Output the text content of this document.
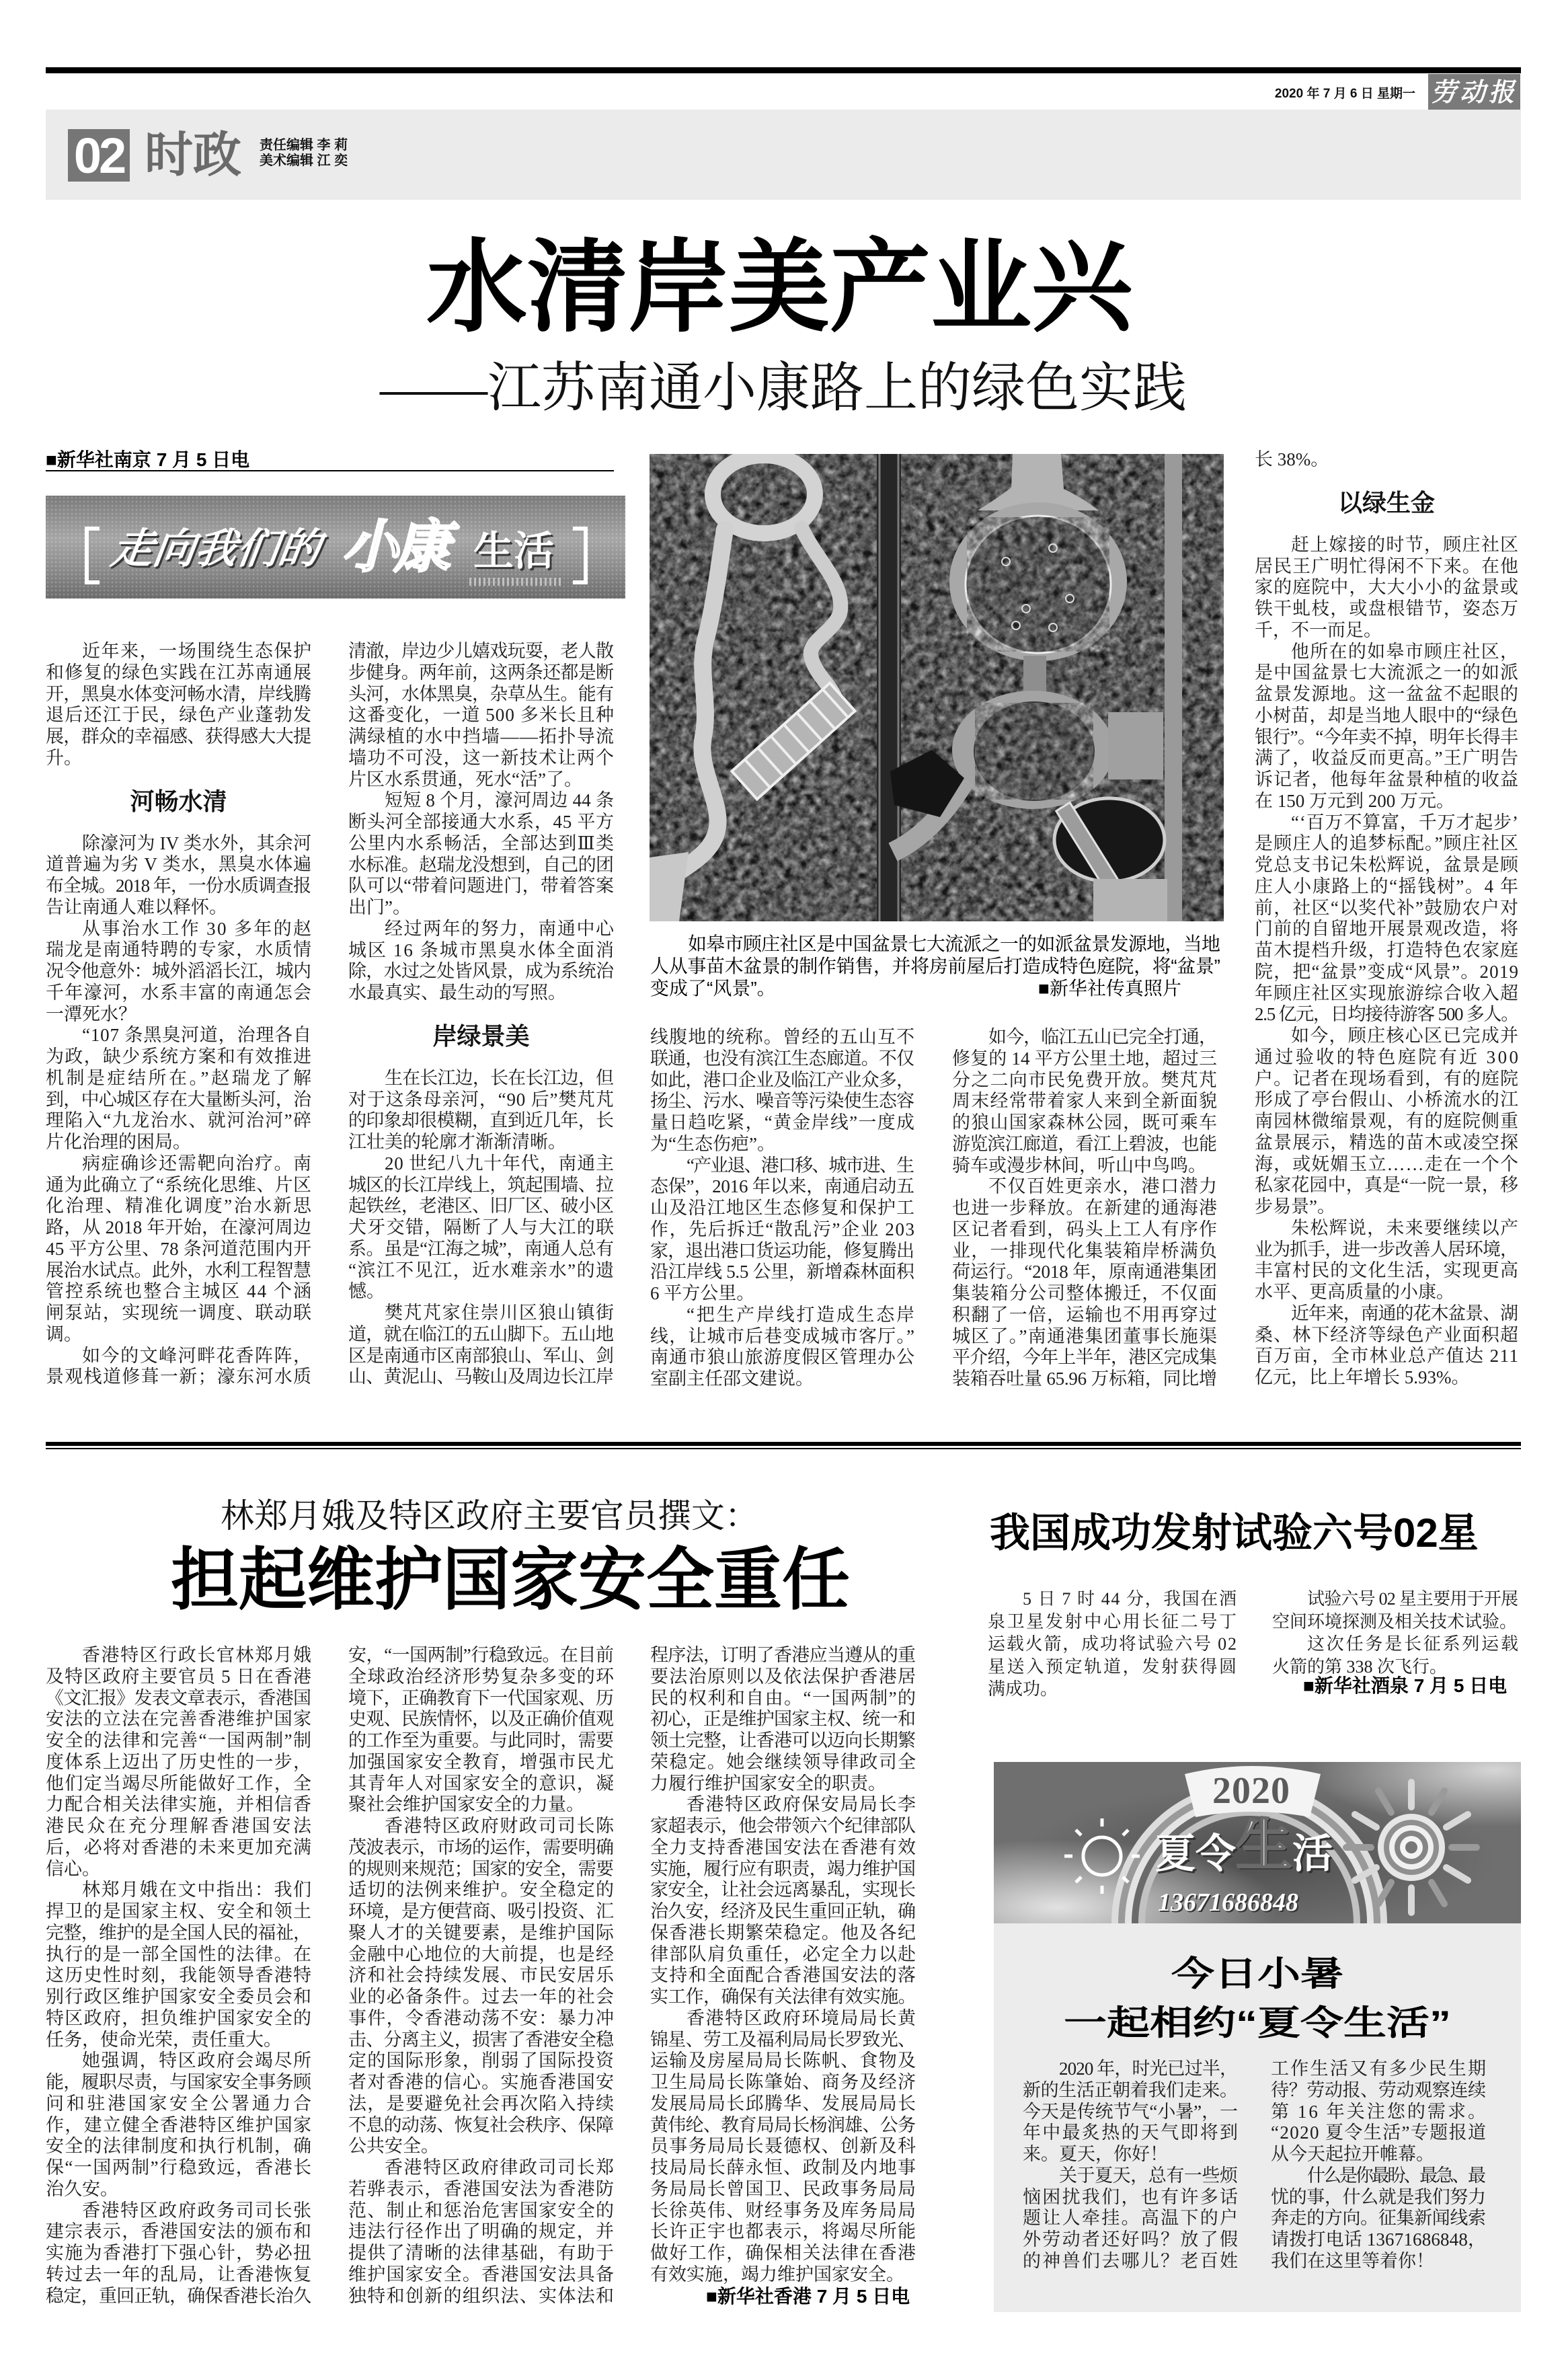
2020 年 7 月 6 日 星期一 劳动报
02 时政 责任编辑 李 莉
美术编辑 江 奕
水清岸美产业兴
——江苏南通小康路上的绿色实践
■新华社南京 7 月 5 日电
走向我们的 小康 生活
如皋市顾庄社区是中国盆景七大流派之一的如派盆景发源地，当地
人从事苗木盆景的制作销售，并将房前屋后打造成特色庭院，将“盆景”
变成了“风景”。	■新华社传真照片
近年来，一场围绕生态保护
和修复的绿色实践在江苏南通展
开，黑臭水体变河畅水清，岸线腾
退后还江于民，绿色产业蓬勃发
展，群众的幸福感、获得感大大提
升。
河畅水清
除濠河为 IV 类水外，其余河
道普遍为劣 V 类水，黑臭水体遍
布全城。2018 年，一份水质调查报
告让南通人难以释怀。
从事治水工作 30 多年的赵
瑞龙是南通特聘的专家，水质情
况令他意外：城外滔滔长江，城内
千年濠河，水系丰富的南通怎会
一潭死水？
“107 条黑臭河道，治理各自
为政，缺少系统方案和有效推进
机制是症结所在。”赵瑞龙了解
到，中心城区存在大量断头河，治
理陷入“九龙治水、就河治河”碎
片化治理的困局。
病症确诊还需靶向治疗。南
通为此确立了“系统化思维、片区
化治理、精准化调度”治水新思
路，从 2018 年开始，在濠河周边
45 平方公里、78 条河道范围内开
展治水试点。此外，水利工程智慧
管控系统也整合主城区 44 个涵
闸泵站，实现统一调度、联动联
调。
如今的文峰河畔花香阵阵，
景观栈道修葺一新；濠东河水质
清澈，岸边少儿嬉戏玩耍，老人散
步健身。两年前，这两条还都是断
头河，水体黑臭，杂草丛生。能有
这番变化，一道 500 多米长且种
满绿植的水中挡墙——拓扑导流
墙功不可没，这一新技术让两个
片区水系贯通，死水“活”了。
短短 8 个月，濠河周边 44 条
断头河全部接通大水系，45 平方
公里内水系畅活，全部达到Ⅲ类
水标准。赵瑞龙没想到，自己的团
队可以“带着问题进门，带着答案
出门”。
经过两年的努力，南通中心
城区 16 条城市黑臭水体全面消
除，水过之处皆风景，成为系统治
水最真实、最生动的写照。
岸绿景美
生在长江边，长在长江边，但
对于这条母亲河，“90 后”樊芃芃
的印象却很模糊，直到近几年，长
江壮美的轮廓才渐渐清晰。
20 世纪八九十年代，南通主
城区的长江岸线上，筑起围墙、拉
起铁丝，老港区、旧厂区、破小区
犬牙交错，隔断了人与大江的联
系。虽是“江海之城”，南通人总有
“滨江不见江，近水难亲水”的遗
憾。
樊芃芃家住崇川区狼山镇街
道，就在临江的五山脚下。五山地
区是南通市区南部狼山、军山、剑
山、黄泥山、马鞍山及周边长江岸
线腹地的统称。曾经的五山互不
联通，也没有滨江生态廊道。不仅
如此，港口企业及临江产业众多，
扬尘、污水、噪音等污染使生态容
量日趋吃紧，“黄金岸线”一度成
为“生态伤疤”。
“产业退、港口移、城市进、生
态保”，2016 年以来，南通启动五
山及沿江地区生态修复和保护工
作，先后拆迁“散乱污”企业 203
家，退出港口货运功能，修复腾出
沿江岸线 5.5 公里，新增森林面积
6 平方公里。
“把生产岸线打造成生态岸
线，让城市后巷变成城市客厅。”
南通市狼山旅游度假区管理办公
室副主任邵文建说。
如今，临江五山已完全打通，
修复的 14 平方公里土地，超过三
分之二向市民免费开放。樊芃芃
周末经常带着家人来到全新面貌
的狼山国家森林公园，既可乘车
游览滨江廊道，看江上碧波，也能
骑车或漫步林间，听山中鸟鸣。
不仅百姓更亲水，港口潜力
也进一步释放。在新建的通海港
区记者看到，码头上工人有序作
业，一排现代化集装箱岸桥满负
荷运行。“2018 年，原南通港集团
集装箱分公司整体搬迁，不仅面
积翻了一倍，运输也不用再穿过
城区了。”南通港集团董事长施渠
平介绍，今年上半年，港区完成集
装箱吞吐量 65.96 万标箱，同比增
长 38%。
以绿生金
赶上嫁接的时节，顾庄社区
居民王广明忙得闲不下来。在他
家的庭院中，大大小小的盆景或
铁干虬枝，或盘根错节，姿态万
千，不一而足。
他所在的如皋市顾庄社区，
是中国盆景七大流派之一的如派
盆景发源地。这一盆盆不起眼的
小树苗，却是当地人眼中的“绿色
银行”。“今年卖不掉，明年长得丰
满了，收益反而更高。”王广明告
诉记者，他每年盆景种植的收益
在 150 万元到 200 万元。
“‘百万不算富，千万才起步’
是顾庄人的追梦标配。”顾庄社区
党总支书记朱松辉说，盆景是顾
庄人小康路上的“摇钱树”。4 年
前，社区“以奖代补”鼓励农户对
门前的自留地开展景观改造，将
苗木提档升级，打造特色农家庭
院，把“盆景”变成“风景”。2019
年顾庄社区实现旅游综合收入超
2.5 亿元，日均接待游客 500 多人。
如今，顾庄核心区已完成并
通过验收的特色庭院有近 300
户。记者在现场看到，有的庭院
形成了亭台假山、小桥流水的江
南园林微缩景观，有的庭院侧重
盆景展示，精选的苗木或凌空探
海，或妩媚玉立……走在一个个
私家花园中，真是“一院一景，移
步易景”。
朱松辉说，未来要继续以产
业为抓手，进一步改善人居环境，
丰富村民的文化生活，实现更高
水平、更高质量的小康。
近年来，南通的花木盆景、湖
桑、林下经济等绿色产业面积超
百万亩，全市林业总产值达 211
亿元，比上年增长 5.93%。
林郑月娥及特区政府主要官员撰文：
担起维护国家安全重任
香港特区行政长官林郑月娥
及特区政府主要官员 5 日在香港
《文汇报》发表文章表示，香港国
安法的立法在完善香港维护国家
安全的法律和完善“一国两制”制
度体系上迈出了历史性的一步，
他们定当竭尽所能做好工作，全
力配合相关法律实施，并相信香
港民众在充分理解香港国安法
后，必将对香港的未来更加充满
信心。
林郑月娥在文中指出：我们
捍卫的是国家主权、安全和领土
完整，维护的是全国人民的福祉，
执行的是一部全国性的法律。在
这历史性时刻，我能领导香港特
别行政区维护国家安全委员会和
特区政府，担负维护国家安全的
任务，使命光荣，责任重大。
她强调，特区政府会竭尽所
能，履职尽责，与国家安全事务顾
问和驻港国家安全公署通力合
作，建立健全香港特区维护国家
安全的法律制度和执行机制，确
保“一国两制”行稳致远，香港长
治久安。
香港特区政府政务司司长张
建宗表示，香港国安法的颁布和
实施为香港打下强心针，势必扭
转过去一年的乱局，让香港恢复
稳定，重回正轨，确保香港长治久
安，“一国两制”行稳致远。在目前
全球政治经济形势复杂多变的环
境下，正确教育下一代国家观、历
史观、民族情怀，以及正确价值观
的工作至为重要。与此同时，需要
加强国家安全教育，增强市民尤
其青年人对国家安全的意识，凝
聚社会维护国家安全的力量。
香港特区政府财政司司长陈
茂波表示，市场的运作，需要明确
的规则来规范；国家的安全，需要
适切的法例来维护。安全稳定的
环境，是方便营商、吸引投资、汇
聚人才的关键要素，是维护国际
金融中心地位的大前提，也是经
济和社会持续发展、市民安居乐
业的必备条件。过去一年的社会
事件，令香港动荡不安：暴力冲
击、分离主义，损害了香港安全稳
定的国际形象，削弱了国际投资
者对香港的信心。实施香港国安
法，是要避免社会再次陷入持续
不息的动荡、恢复社会秩序、保障
公共安全。
香港特区政府律政司司长郑
若骅表示，香港国安法为香港防
范、制止和惩治危害国家安全的
违法行径作出了明确的规定，并
提供了清晰的法律基础，有助于
维护国家安全。香港国安法具备
独特和创新的组织法、实体法和
程序法，订明了香港应当遵从的重
要法治原则以及依法保护香港居
民的权利和自由。“一国两制”的
初心，正是维护国家主权、统一和
领土完整，让香港可以迈向长期繁
荣稳定。她会继续领导律政司全
力履行维护国家安全的职责。
香港特区政府保安局局长李
家超表示，他会带领六个纪律部队
全力支持香港国安法在香港有效
实施，履行应有职责，竭力维护国
家安全，让社会远离暴乱，实现长
治久安，经济及民生重回正轨，确
保香港长期繁荣稳定。他及各纪
律部队肩负重任，必定全力以赴
支持和全面配合香港国安法的落
实工作，确保有关法律有效实施。
香港特区政府环境局局长黄
锦星、劳工及福利局局长罗致光、
运输及房屋局局长陈帆、食物及
卫生局局长陈肇始、商务及经济
发展局局长邱腾华、发展局局长
黄伟纶、教育局局长杨润雄、公务
员事务局局长聂德权、创新及科
技局局长薛永恒、政制及内地事
务局局长曾国卫、民政事务局局
长徐英伟、财经事务及库务局局
长许正宇也都表示，将竭尽所能
做好工作，确保相关法律在香港
有效实施，竭力维护国家安全。
■新华社香港 7 月 5 日电
我国成功发射试验六号02星
5 日 7 时 44 分，我国在酒
泉卫星发射中心用长征二号丁
运载火箭，成功将试验六号 02
星送入预定轨道，发射获得圆
满成功。
试验六号 02 星主要用于开展
空间环境探测及相关技术试验。
这次任务是长征系列运载
火箭的第 338 次飞行。
■新华社酒泉 7 月 5 日电
2020
夏令 生 活
13671686848
今日小暑
一起相约“夏令生活”
2020 年，时光已过半，
新的生活正朝着我们走来。
今天是传统节气“小暑”，一
年中最炙热的天气即将到
来。夏天，你好！
关于夏天，总有一些烦
恼困扰我们，也有许多话
题让人牵挂。高温下的户
外劳动者还好吗？放了假
的神兽们去哪儿？老百姓
工作生活又有多少民生期
待？劳动报、劳动观察连续
第 16 年关注您的需求。
“2020 夏令生活”专题报道
从今天起拉开帷幕。
什么是你最盼、最急、最
忧的事，什么就是我们努力
奔走的方向。征集新闻线索
请拨打电话 13671686848，
我们在这里等着你！
